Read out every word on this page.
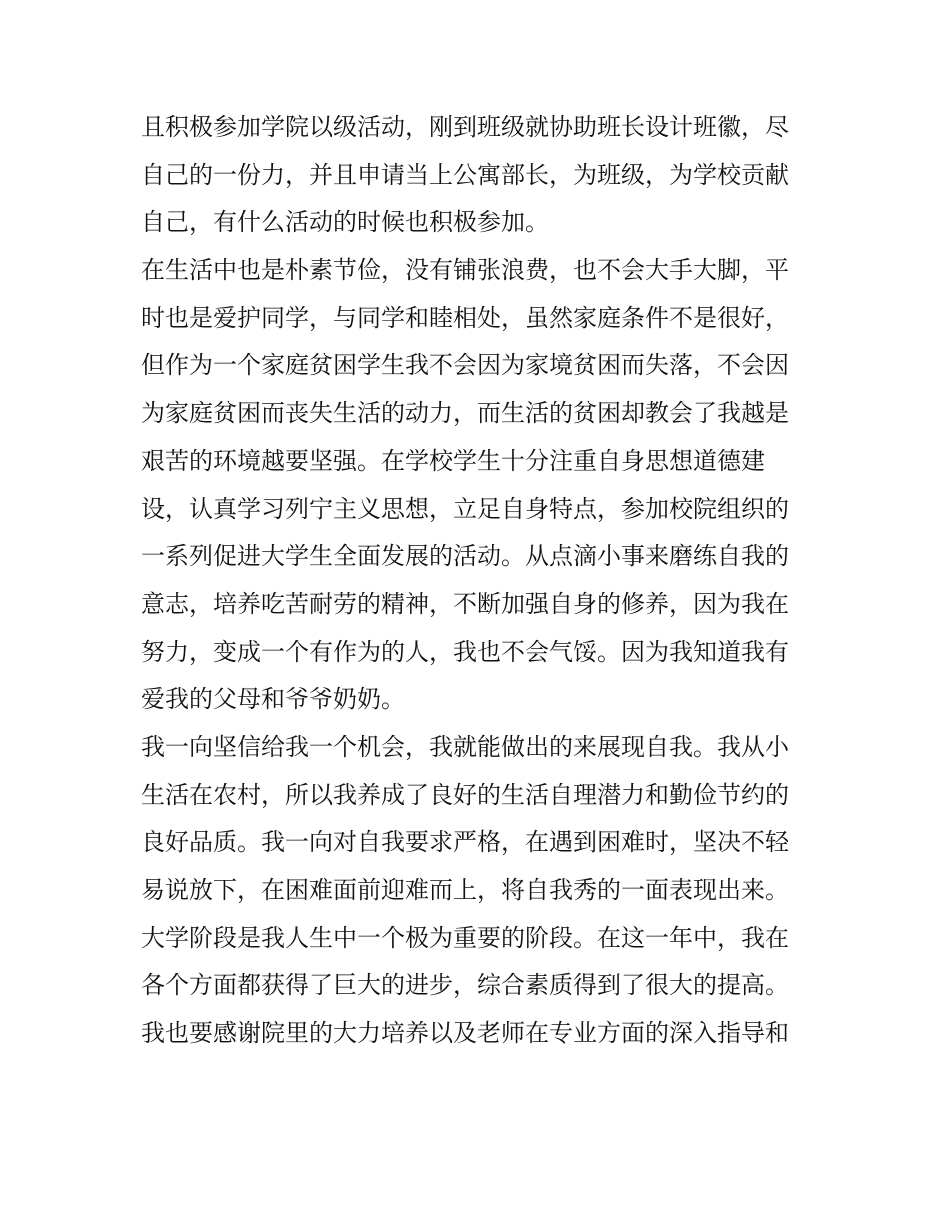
且积极参加学院以级活动，刚到班级就协助班长设计班徽，尽
自己的一份力，并且申请当上公寓部长，为班级，为学校贡献
自己，有什么活动的时候也积极参加。
在生活中也是朴素节俭，没有铺张浪费，也不会大手大脚，平
时也是爱护同学，与同学和睦相处，虽然家庭条件不是很好，
但作为一个家庭贫困学生我不会因为家境贫困而失落，不会因
为家庭贫困而丧失生活的动力，而生活的贫困却教会了我越是
艰苦的环境越要坚强。在学校学生十分注重自身思想道德建
设，认真学习列宁主义思想，立足自身特点，参加校院组织的
一系列促进大学生全面发展的活动。从点滴小事来磨练自我的
意志，培养吃苦耐劳的精神，不断加强自身的修养，因为我在
努力，变成一个有作为的人，我也不会气馁。因为我知道我有
爱我的父母和爷爷奶奶。
我一向坚信给我一个机会，我就能做出的来展现自我。我从小
生活在农村，所以我养成了良好的生活自理潜力和勤俭节约的
良好品质。我一向对自我要求严格，在遇到困难时，坚决不轻
易说放下，在困难面前迎难而上，将自我秀的一面表现出来。
大学阶段是我人生中一个极为重要的阶段。在这一年中，我在
各个方面都获得了巨大的进步，综合素质得到了很大的提高。
我也要感谢院里的大力培养以及老师在专业方面的深入指导和
